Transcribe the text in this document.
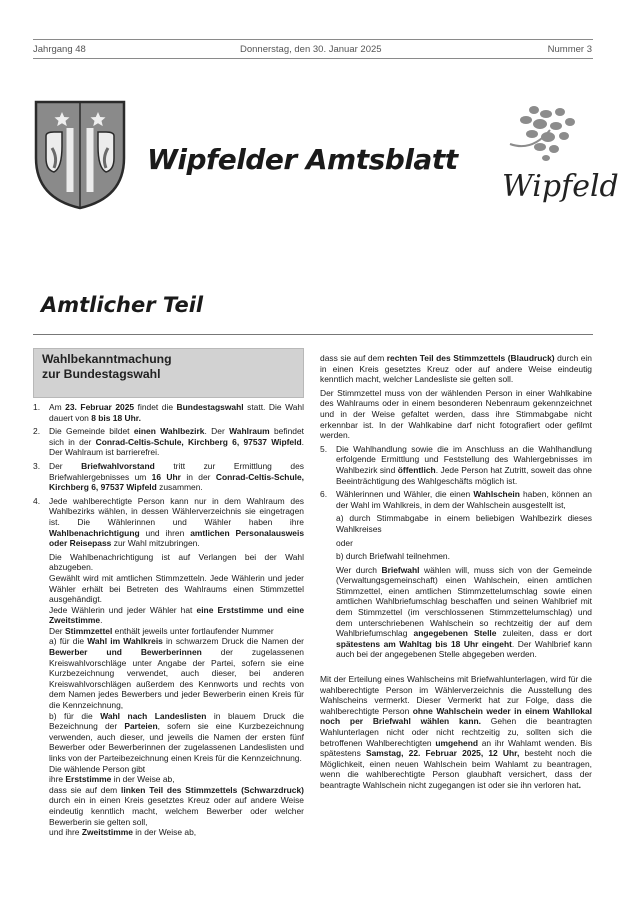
Jahrgang 48	Donnerstag, den 30. Januar 2025	Nummer 3
Wipfelder Amtsblatt
Wipfeld
Amtlicher Teil
Wahlbekanntmachung
zur Bundestagswahl
1. Am 23. Februar 2025 findet die Bundestagswahl statt. Die Wahl dauert von 8 bis 18 Uhr.

2. Die Gemeinde bildet einen Wahlbezirk. Der Wahlraum befindet sich in der Conrad-Celtis-Schule, Kirchberg 6, 97537 Wipfeld. Der Wahlraum ist barrierefrei.

3. Der Briefwahlvorstand tritt zur Ermittlung des Briefwahlergebnisses um 16 Uhr in der Conrad-Celtis-Schule, Kirchberg 6, 97537 Wipfeld zusammen.

4. Jede wahlberechtigte Person kann nur in dem Wahlraum des Wahlbezirks wählen, in dessen Wählerverzeichnis sie eingetragen ist. Die Wählerinnen und Wähler haben ihre Wahlbenachrichtigung und ihren amtlichen Personalausweis oder Reisepass zur Wahl mitzubringen.

Die Wahlbenachrichtigung ist auf Verlangen bei der Wahl abzugeben.

Gewählt wird mit amtlichen Stimmzetteln. Jede Wählerin und jeder Wähler erhält bei Betreten des Wahlraums einen Stimmzettel ausgehändigt.

Jede Wählerin und jeder Wähler hat eine Erststimme und eine Zweitstimme.

Der Stimmzettel enthält jeweils unter fortlaufender Nummer

a) für die Wahl im Wahlkreis in schwarzem Druck die Namen der Bewerber und Bewerberinnen der zugelassenen Kreiswahlvorschläge unter Angabe der Partei, sofern sie eine Kurzbezeichnung verwendet, auch dieser, bei anderen Kreiswahlvorschlägen außerdem des Kennworts und rechts von dem Namen jedes Bewerbers und jeder Bewerberin einen Kreis für die Kennzeichnung,

b) für die Wahl nach Landeslisten in blauem Druck die Bezeichnung der Parteien, sofern sie eine Kurzbezeichnung verwenden, auch dieser, und jeweils die Namen der ersten fünf Bewerber oder Bewerberinnen der zugelassenen Landeslisten und links von der Parteibezeichnung einen Kreis für die Kennzeichnung.

Die wählende Person gibt

ihre Erststimme in der Weise ab,

dass sie auf dem linken Teil des Stimmzettels (Schwarzdruck) durch ein in einen Kreis gesetztes Kreuz oder auf andere Weise eindeutig kenntlich macht, welchem Bewerber oder welcher Bewerberin sie gelten soll,

und ihre Zweitstimme in der Weise ab,

dass sie auf dem rechten Teil des Stimmzettels (Blaudruck) durch ein in einen Kreis gesetztes Kreuz oder auf andere Weise eindeutig kenntlich macht, welcher Landesliste sie gelten soll.

Der Stimmzettel muss von der wählenden Person in einer Wahlkabine des Wahlraums oder in einem besonderen Nebenraum gekennzeichnet und in der Weise gefaltet werden, dass ihre Stimmabgabe nicht erkennbar ist. In der Wahlkabine darf nicht fotografiert oder gefilmt werden.

5. Die Wahlhandlung sowie die im Anschluss an die Wahlhandlung erfolgende Ermittlung und Feststellung des Wahlergebnisses im Wahlbezirk sind öffentlich. Jede Person hat Zutritt, soweit das ohne Beeinträchtigung des Wahlgeschäfts möglich ist.

6. Wählerinnen und Wähler, die einen Wahlschein haben, können an der Wahl im Wahlkreis, in dem der Wahlschein ausgestellt ist,

a) durch Stimmabgabe in einem beliebigen Wahlbezirk dieses Wahlkreises

oder

b) durch Briefwahl teilnehmen.

Wer durch Briefwahl wählen will, muss sich von der Gemeinde (Verwaltungsgemeinschaft) einen Wahlschein, einen amtlichen Stimmzettel, einen amtlichen Stimmzettelumschlag sowie einen amtlichen Wahlbriefumschlag beschaffen und seinen Wahlbrief mit dem Stimmzettel (im verschlossenen Stimmzettelumschlag) und dem unterschriebenen Wahlschein so rechtzeitig der auf dem Wahlbriefumschlag angegebenen Stelle zuleiten, dass er dort spätestens am Wahltag bis 18 Uhr eingeht. Der Wahlbrief kann auch bei der angegebenen Stelle abgegeben werden.

Mit der Erteilung eines Wahlscheins mit Briefwahlunterlagen, wird für die wahlberechtigte Person im Wählerverzeichnis die Ausstellung des Wahlscheins vermerkt. Dieser Vermerkt hat zur Folge, dass die wahlberechtigte Person ohne Wahlschein weder in einem Wahllokal noch per Briefwahl wählen kann. Gehen die beantragten Wahlunterlagen nicht oder nicht rechtzeitig zu, sollten sich die betroffenen Wahlberechtigten umgehend an ihr Wahlamt wenden. Bis spätestens Samstag, 22. Februar 2025, 12 Uhr, besteht noch die Möglichkeit, einen neuen Wahlschein beim Wahlamt zu beantragen, wenn die wahlberechtigte Person glaubhaft versichert, dass der beantragte Wahlschein nicht zugegangen ist oder sie ihn verloren hat.
